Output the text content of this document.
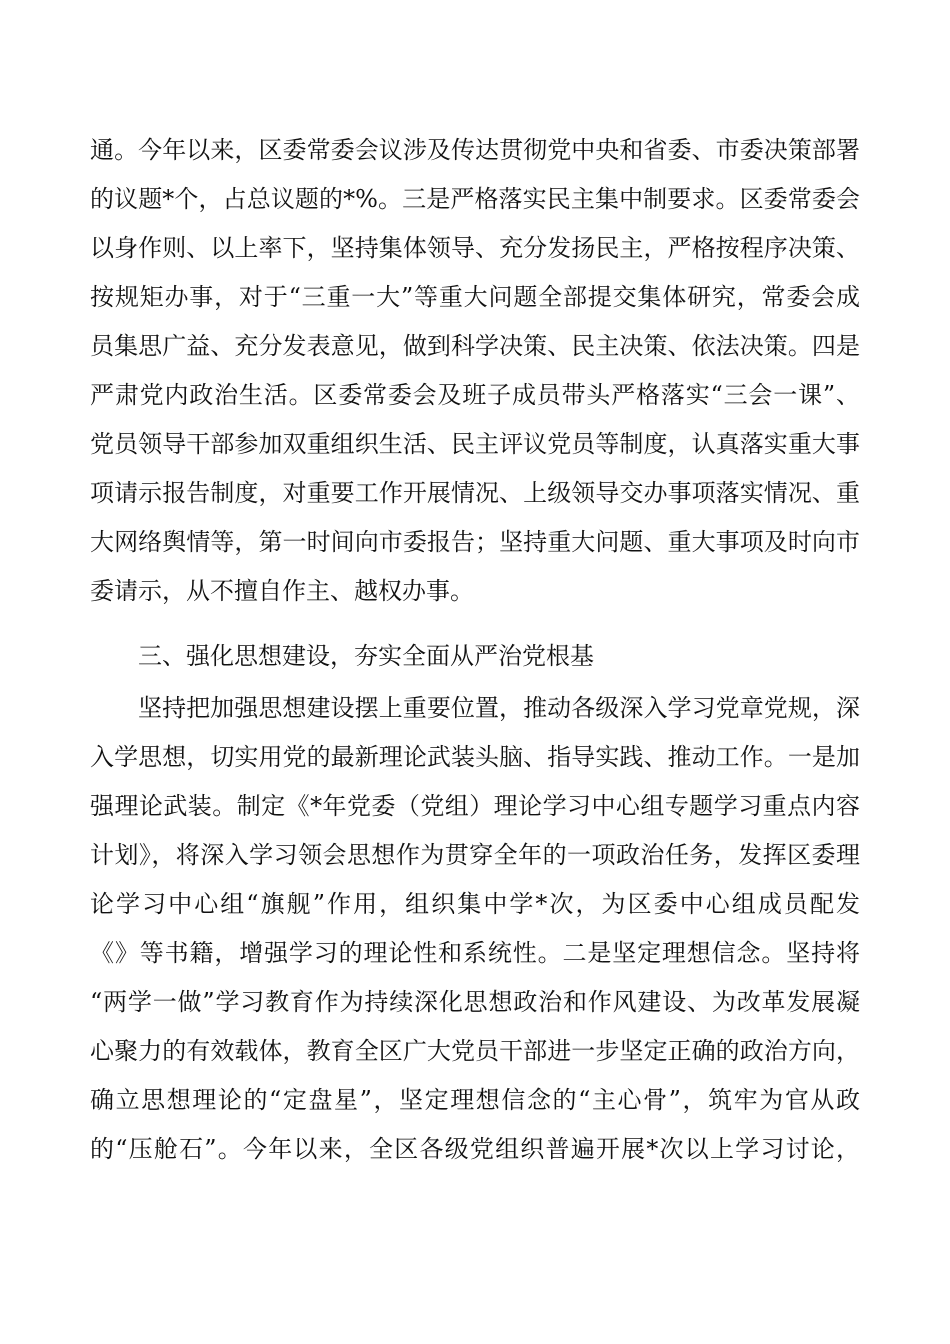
通。今年以来，区委常委会议涉及传达贯彻党中央和省委、市委决策部署
的议题*个，占总议题的*%。三是严格落实民主集中制要求。区委常委会
以身作则、以上率下，坚持集体领导、充分发扬民主，严格按程序决策、
按规矩办事，对于“三重一大”等重大问题全部提交集体研究，常委会成
员集思广益、充分发表意见，做到科学决策、民主决策、依法决策。四是
严肃党内政治生活。区委常委会及班子成员带头严格落实“三会一课”、
党员领导干部参加双重组织生活、民主评议党员等制度，认真落实重大事
项请示报告制度，对重要工作开展情况、上级领导交办事项落实情况、重
大网络舆情等，第一时间向市委报告；坚持重大问题、重大事项及时向市
委请示，从不擅自作主、越权办事。
三、强化思想建设，夯实全面从严治党根基
坚持把加强思想建设摆上重要位置，推动各级深入学习党章党规，深
入学思想，切实用党的最新理论武装头脑、指导实践、推动工作。一是加
强理论武装。制定《*年党委（党组）理论学习中心组专题学习重点内容
计划》，将深入学习领会思想作为贯穿全年的一项政治任务，发挥区委理
论学习中心组“旗舰”作用，组织集中学*次，为区委中心组成员配发
《》等书籍，增强学习的理论性和系统性。二是坚定理想信念。坚持将
“两学一做”学习教育作为持续深化思想政治和作风建设、为改革发展凝
心聚力的有效载体，教育全区广大党员干部进一步坚定正确的政治方向，
确立思想理论的“定盘星”，坚定理想信念的“主心骨”，筑牢为官从政
的“压舱石”。今年以来，全区各级党组织普遍开展*次以上学习讨论，
